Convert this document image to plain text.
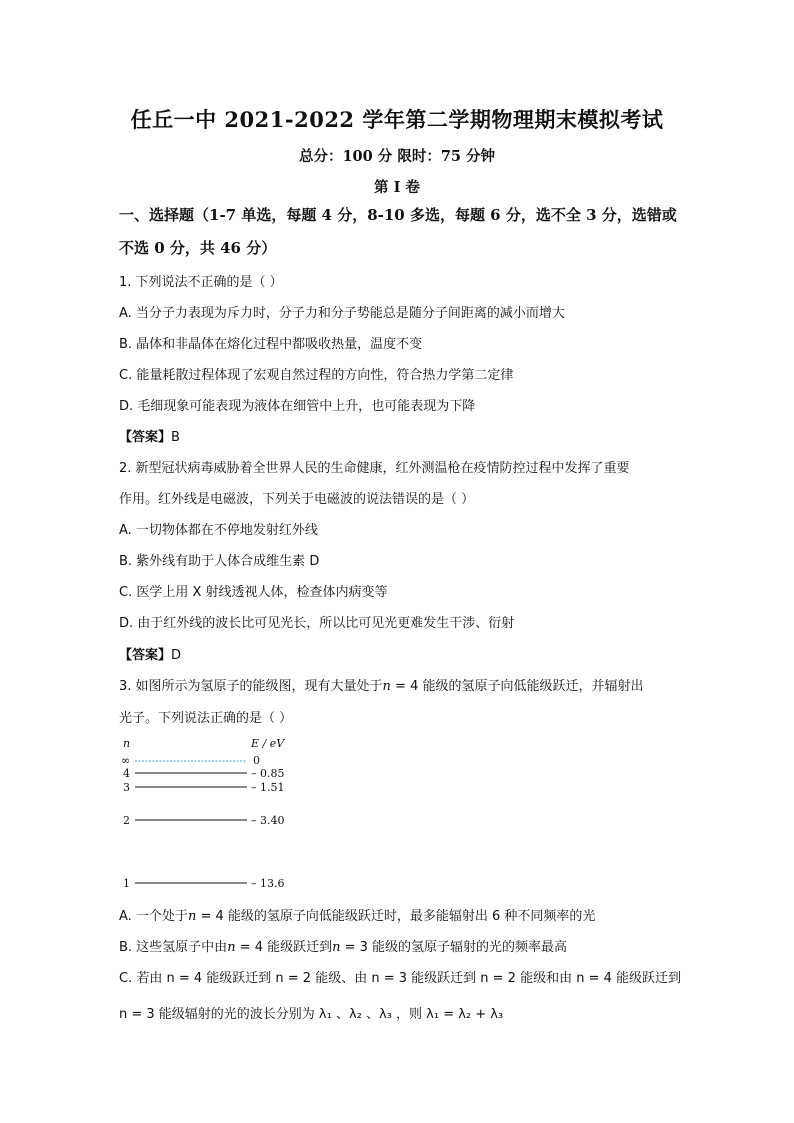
任丘一中 2021-2022 学年第二学期物理期末模拟考试
总分：100 分 限时：75 分钟
第 I 卷
一、选择题（1-7 单选，每题 4 分，8-10 多选，每题 6 分，选不全 3 分，选错或
不选 0 分，共 46 分）
1. 下列说法不正确的是（ ）
A. 当分子力表现为斥力时，分子力和分子势能总是随分子间距离的减小而增大
B. 晶体和非晶体在熔化过程中都吸收热量，温度不变
C. 能量耗散过程体现了宏观自然过程的方向性，符合热力学第二定律
D. 毛细现象可能表现为液体在细管中上升，也可能表现为下降
【答案】B
2. 新型冠状病毒威胁着全世界人民的生命健康，红外测温枪在疫情防控过程中发挥了重要
作用。红外线是电磁波，下列关于电磁波的说法错误的是（ ）
A. 一切物体都在不停地发射红外线
B. 紫外线有助于人体合成维生素 D
C. 医学上用 X 射线透视人体，检查体内病变等
D. 由于红外线的波长比可见光长，所以比可见光更难发生干涉、衍射
【答案】D
3. 如图所示为氢原子的能级图，现有大量处于n = 4 能级的氢原子向低能级跃迁，并辐射出
光子。下列说法正确的是（ ）
n	E / eV
∞	0
4	– 0.85
3	– 1.51
2	– 3.40
1	– 13.6
A. 一个处于n = 4 能级的氢原子向低能级跃迁时，最多能辐射出 6 种不同频率的光
B. 这些氢原子中由n = 4 能级跃迁到n = 3 能级的氢原子辐射的光的频率最高
C. 若由 n = 4 能级跃迁到 n = 2 能级、由 n = 3 能级跃迁到 n = 2 能级和由 n = 4 能级跃迁到
n = 3 能级辐射的光的波长分别为 λ₁ 、λ₂ 、λ₃ ，则 λ₁ = λ₂ + λ₃
